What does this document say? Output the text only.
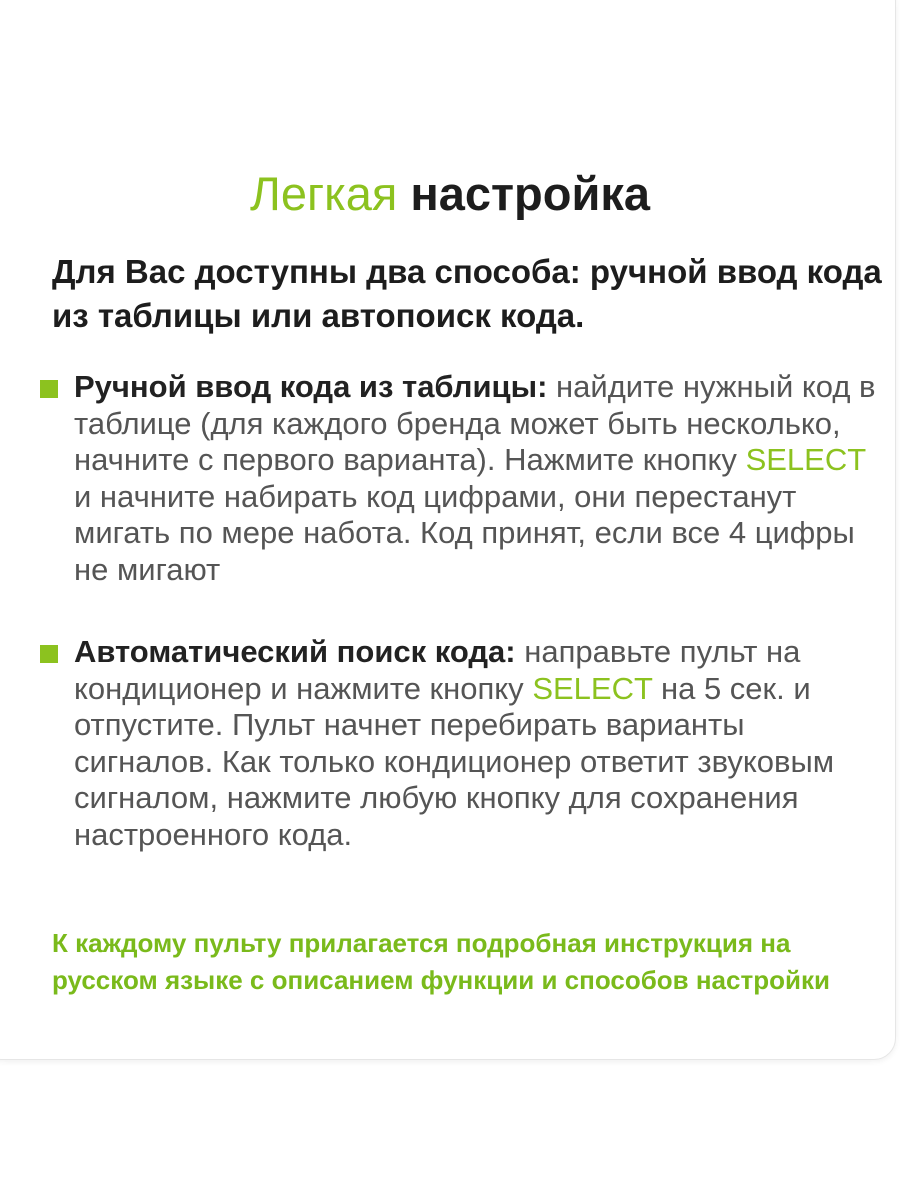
Легкая настройка
Для Вас доступны два способа: ручной ввод кода из таблицы или автопоиск кода.
Ручной ввод кода из таблицы: найдите нужный код в таблице (для каждого бренда может быть несколько, начните с первого варианта). Нажмите кнопку SELECT и начните набирать код цифрами, они перестанут мигать по мере набота. Код принят, если все 4 цифры не мигают
Автоматический поиск кода: направьте пульт на кондиционер и нажмите кнопку SELECT на 5 сек. и отпустите. Пульт начнет перебирать варианты сигналов. Как только кондиционер ответит звуковым сигналом, нажмите любую кнопку для сохранения настроенного кода.
К каждому пульту прилагается подробная инструкция на русском языке с описанием функции и способов настройки
